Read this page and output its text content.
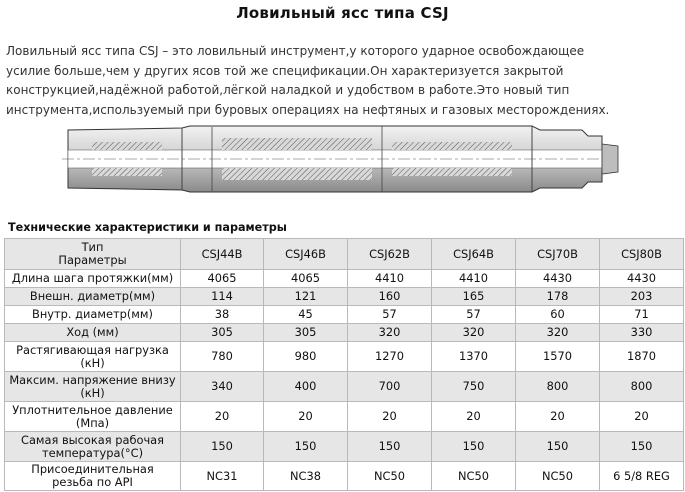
Ловильный ясс типа CSJ
Ловильный ясс типа CSJ – это ловильный инструмент,у которого ударное освобождающее
усилие больше,чем у других ясов той же спецификации.Он характеризуется закрытой
конструкцией,надёжной работой,лёгкой наладкой и удобством в работе.Это новый тип
инструмента,используемый при буровых операциях на нефтяных и газовых месторождениях.
Технические характеристики и параметры
Тип
Параметры	CSJ44B	CSJ46B	CSJ62B	CSJ64B	CSJ70B	CSJ80B
Длина шага протяжки(мм)	4065	4065	4410	4410	4430	4430
Внешн. диаметр(мм)	114	121	160	165	178	203
Внутр. диаметр(мм)	38	45	57	57	60	71
Ход (мм)	305	305	320	320	320	330
Растягивающая нагрузка
(кН)	780	980	1270	1370	1570	1870
Максим. напряжение внизу
(кН)	340	400	700	750	800	800
Уплотнительное давление
(Мпа)	20	20	20	20	20	20
Самая высокая рабочая
температура(°C)	150	150	150	150	150	150
Присоединительная
резьба по API	NC31	NC38	NC50	NC50	NC50	6 5/8 REG
